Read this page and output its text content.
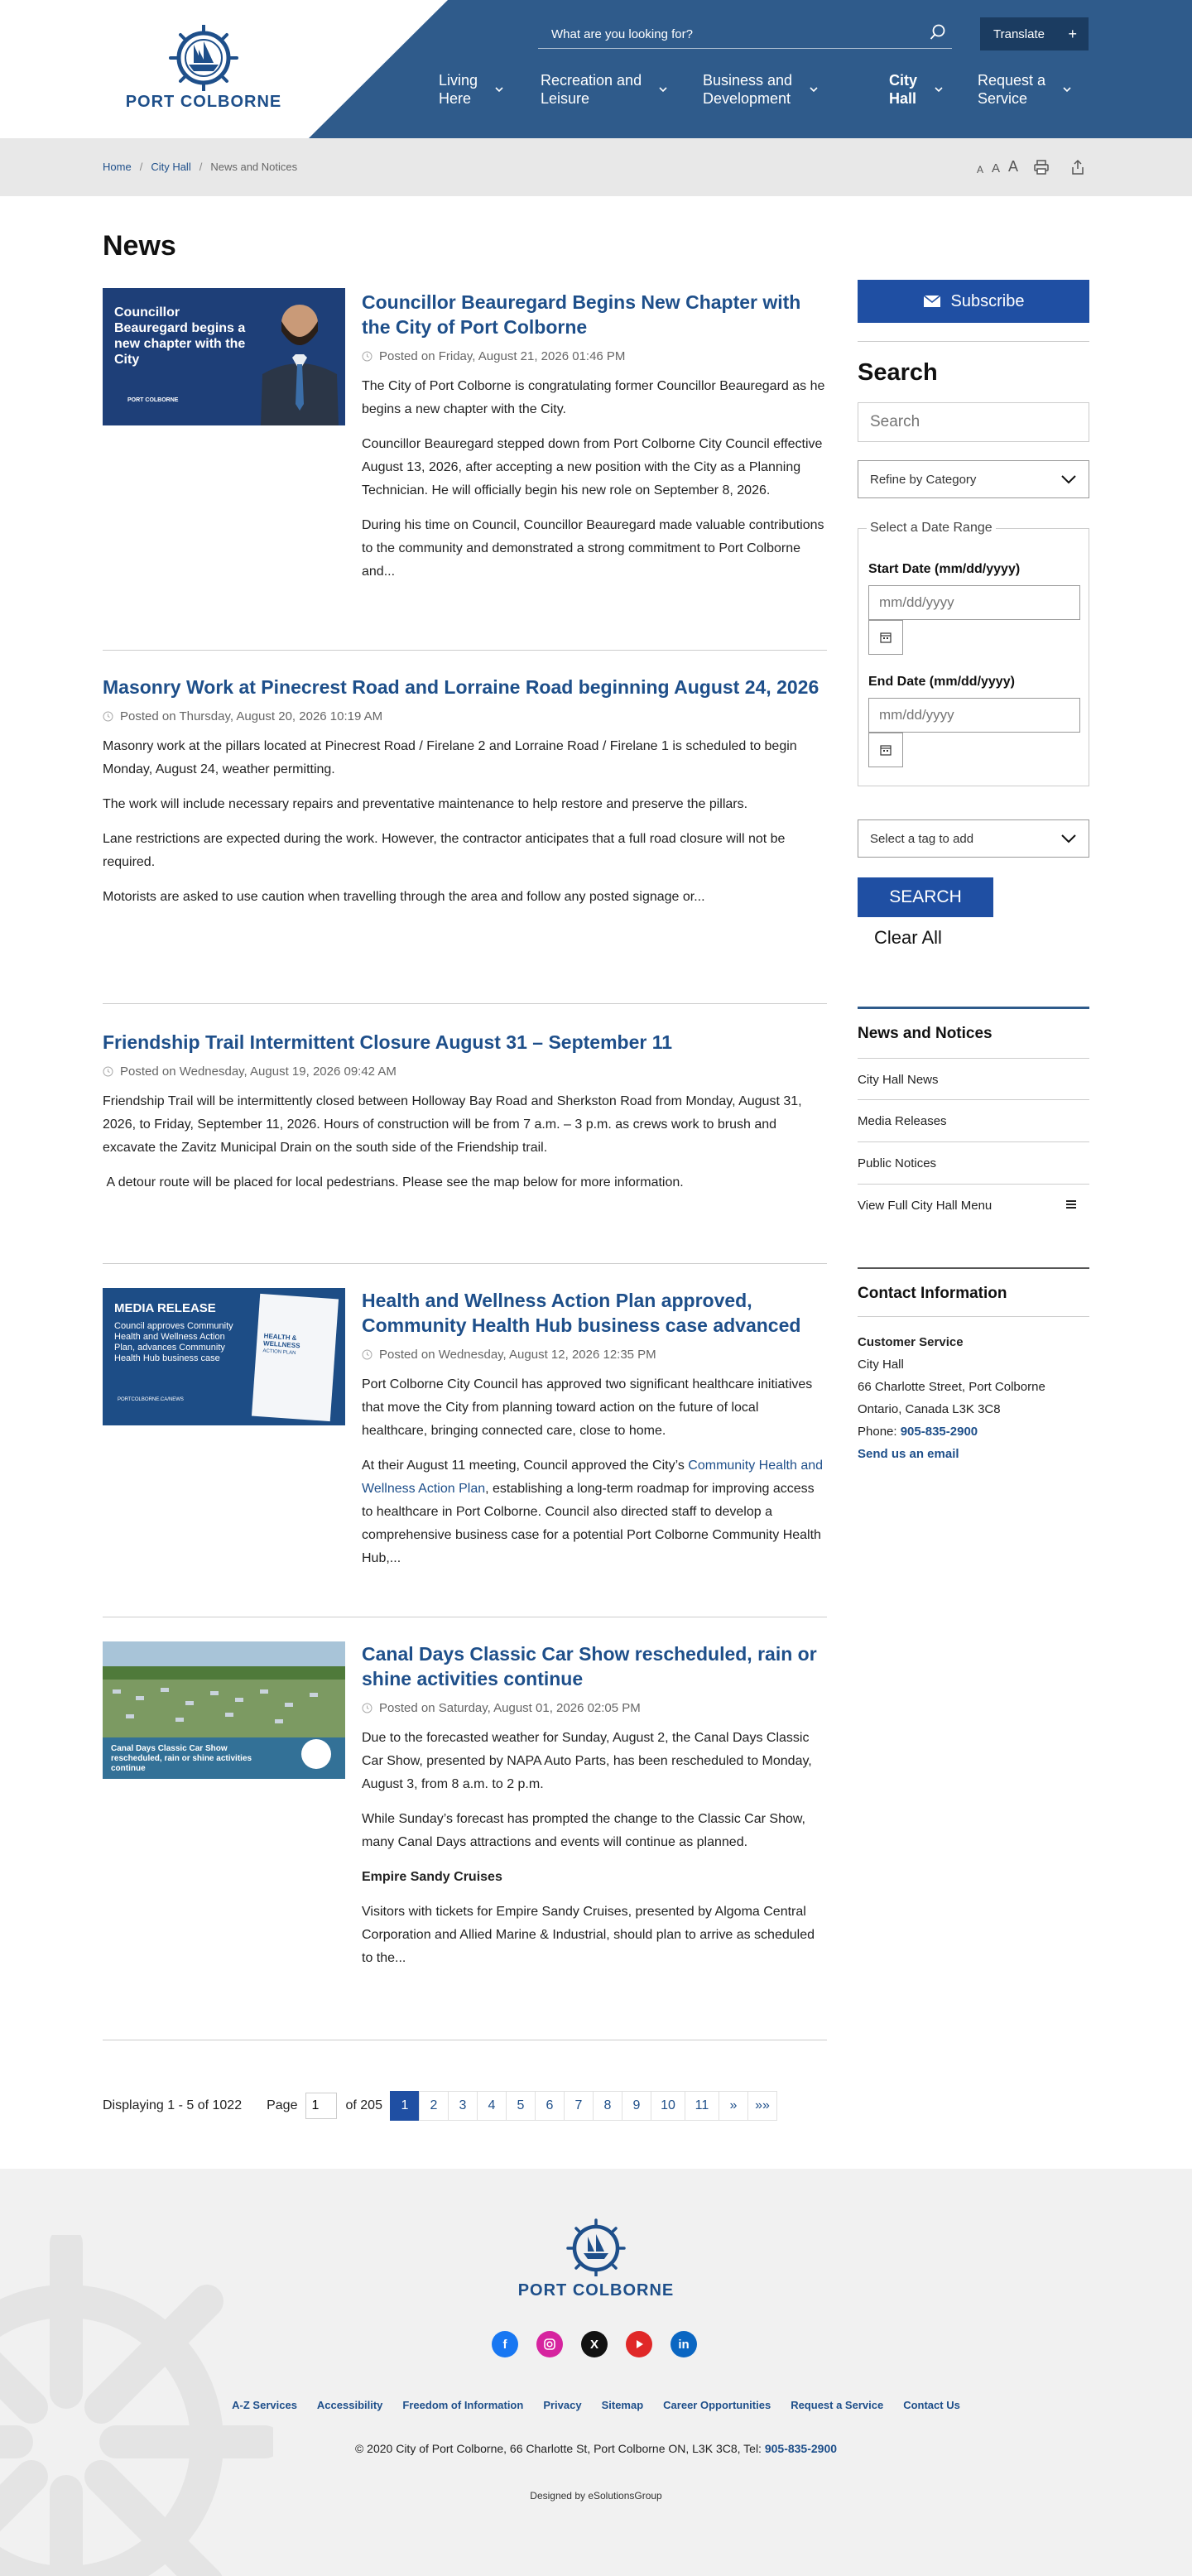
PORT COLBORNE
What are you looking for?
Translate +
Living
Here
Recreation and
Leisure
Business and
Development
City
Hall
Request a
Service
Home / City Hall / News and Notices	A A A
News
Councillor Beauregard begins a new chapter with the City
PORT COLBORNE
Councillor Beauregard Begins New Chapter with the City of Port Colborne
Posted on Friday, August 21, 2026 01:46 PM

The City of Port Colborne is congratulating former Councillor Beauregard as he begins a new chapter with the City.

Councillor Beauregard stepped down from Port Colborne City Council effective August 13, 2026, after accepting a new position with the City as a Planning Technician. He will officially begin his new role on September 8, 2026.

During his time on Council, Councillor Beauregard made valuable contributions to the community and demonstrated a strong commitment to Port Colborne and...

Masonry Work at Pinecrest Road and Lorraine Road beginning August 24, 2026
Posted on Thursday, August 20, 2026 10:19 AM

Masonry work at the pillars located at Pinecrest Road / Firelane 2 and Lorraine Road / Firelane 1 is scheduled to begin Monday, August 24, weather permitting.

The work will include necessary repairs and preventative maintenance to help restore and preserve the pillars.

Lane restrictions are expected during the work. However, the contractor anticipates that a full road closure will not be required.

Motorists are asked to use caution when travelling through the area and follow any posted signage or...

Friendship Trail Intermittent Closure August 31 – September 11
Posted on Wednesday, August 19, 2026 09:42 AM

Friendship Trail will be intermittently closed between Holloway Bay Road and Sherkston Road from Monday, August 31, 2026, to Friday, September 11, 2026. Hours of construction will be from 7 a.m. – 3 p.m. as crews work to brush and excavate the Zavitz Municipal Drain on the south side of the Friendship trail.

A detour route will be placed for local pedestrians. Please see the map below for more information.

MEDIA RELEASE
Council approves Community Health and Wellness Action Plan, advances Community Health Hub business case
PORTCOLBORNE.CA/NEWS
HEALTH & WELLNESS
ACTION PLAN
Health and Wellness Action Plan approved, Community Health Hub business case advanced
Posted on Wednesday, August 12, 2026 12:35 PM

Port Colborne City Council has approved two significant healthcare initiatives that move the City from planning toward action on the future of local healthcare, bringing connected care, close to home.

At their August 11 meeting, Council approved the City’s Community Health and Wellness Action Plan, establishing a long-term roadmap for improving access to healthcare in Port Colborne. Council also directed staff to develop a comprehensive business case for a potential Port Colborne Community Health Hub,...

Canal Days Classic Car Show rescheduled, rain or shine activities continue
Canal Days Classic Car Show rescheduled, rain or shine activities continue
Posted on Saturday, August 01, 2026 02:05 PM

Due to the forecasted weather for Sunday, August 2, the Canal Days Classic Car Show, presented by NAPA Auto Parts, has been rescheduled to Monday, August 3, from 8 a.m. to 2 p.m.

While Sunday’s forecast has prompted the change to the Classic Car Show, many Canal Days attractions and events will continue as planned.

Empire Sandy Cruises

Visitors with tickets for Empire Sandy Cruises, presented by Algoma Central Corporation and Allied Marine & Industrial, should plan to arrive as scheduled to the...

Displaying 1 - 5 of 1022 Page
1	of 205	1	2	3	4	5	6	7	8	9	10	11	»	»»
Subscribe
Search
Search
Refine by Category
Select a Date Range
Start Date (mm/dd/yyyy)
mm/dd/yyyy
End Date (mm/dd/yyyy)
mm/dd/yyyy
Select a tag to add
SEARCH
Clear All
News and Notices
City Hall News
Media Releases
Public Notices
View Full City Hall Menu
Contact Information
Customer Service
City Hall
66 Charlotte Street, Port Colborne
Ontario, Canada L3K 3C8
Phone: 905-835-2900
Send us an email
PORT COLBORNE
f	X	in
A-Z Services Accessibility Freedom of Information Privacy Sitemap Career Opportunities Request a Service Contact Us
© 2020 City of Port Colborne, 66 Charlotte St, Port Colborne ON, L3K 3C8, Tel: 905-835-2900
Designed by eSolutionsGroup
